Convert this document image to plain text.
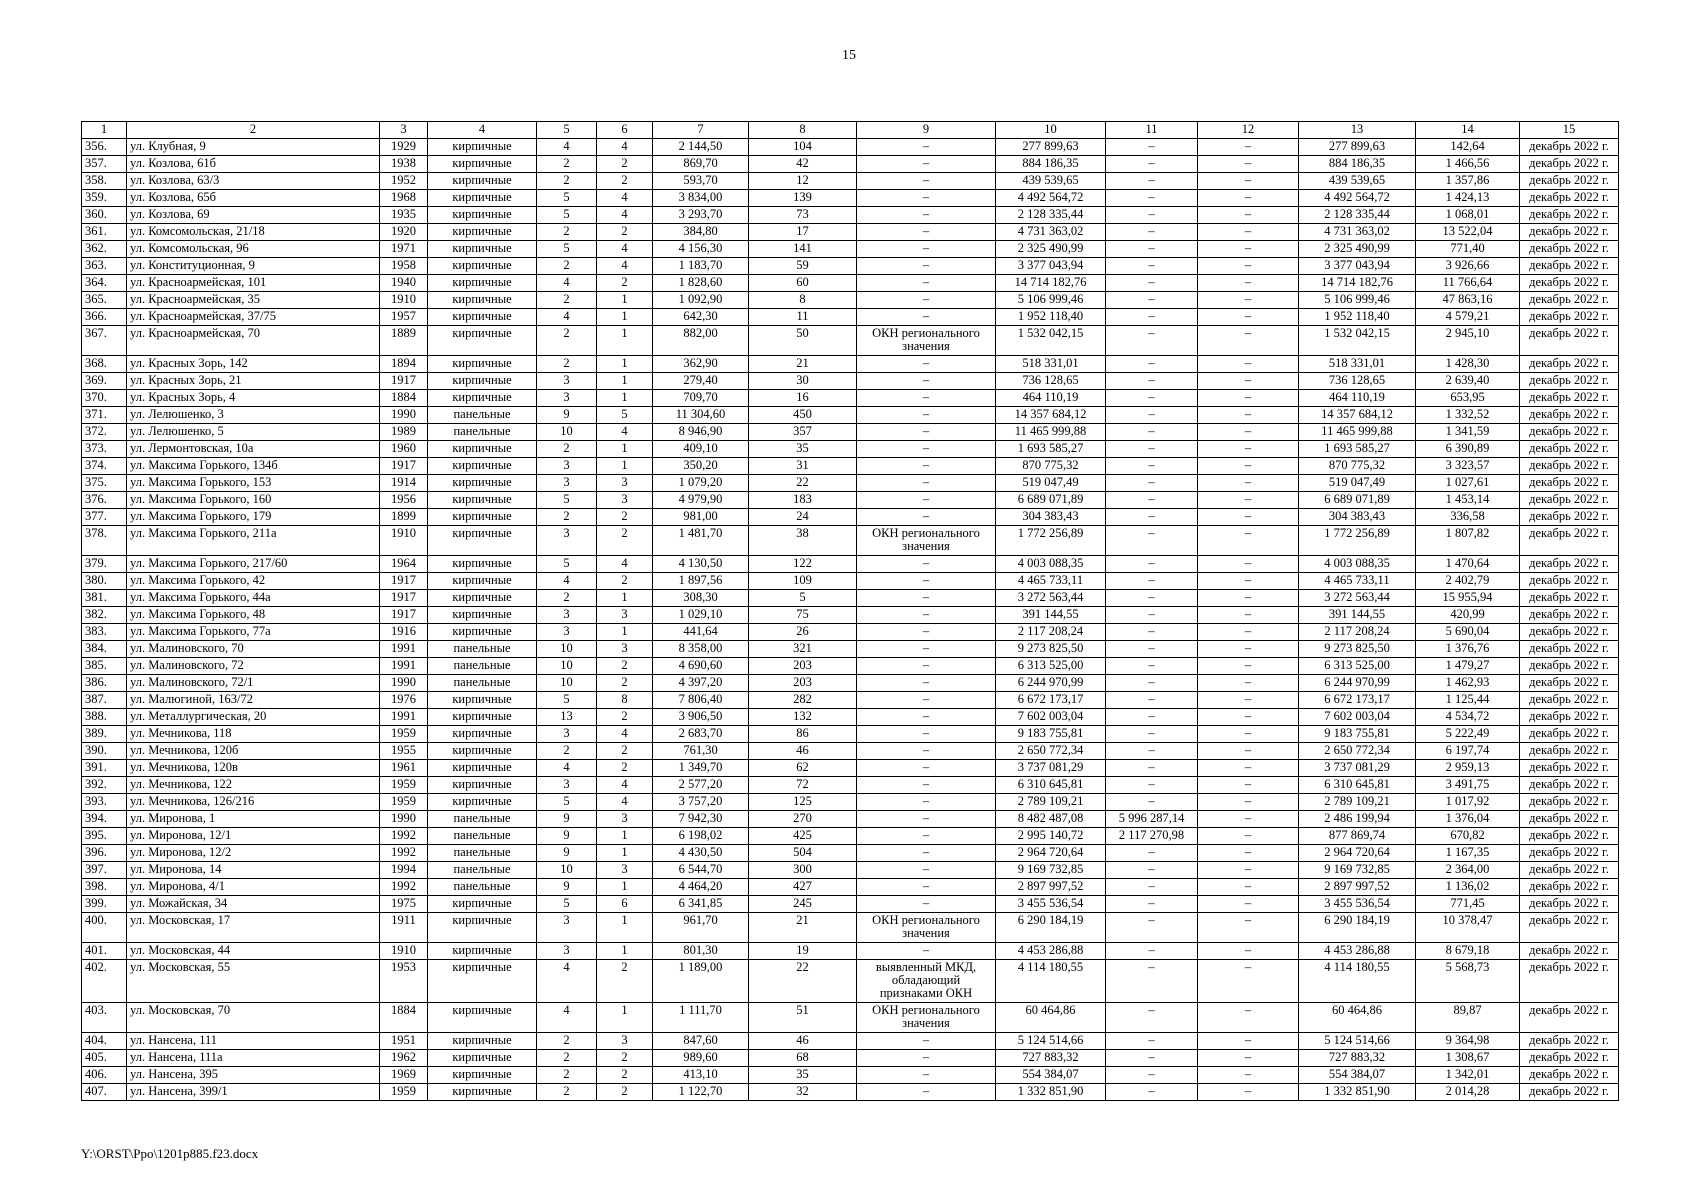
15
1	2	3	4	5	6	7	8	9	10	11	12	13	14	15
356.	ул. Клубная, 9	1929	кирпичные	4	4	2 144,50	104	–	277 899,63	–	–	277 899,63	142,64	декабрь 2022 г.
357.	ул. Козлова, 61б	1938	кирпичные	2	2	869,70	42	–	884 186,35	–	–	884 186,35	1 466,56	декабрь 2022 г.
358.	ул. Козлова, 63/3	1952	кирпичные	2	2	593,70	12	–	439 539,65	–	–	439 539,65	1 357,86	декабрь 2022 г.
359.	ул. Козлова, 65б	1968	кирпичные	5	4	3 834,00	139	–	4 492 564,72	–	–	4 492 564,72	1 424,13	декабрь 2022 г.
360.	ул. Козлова, 69	1935	кирпичные	5	4	3 293,70	73	–	2 128 335,44	–	–	2 128 335,44	1 068,01	декабрь 2022 г.
361.	ул. Комсомольская, 21/18	1920	кирпичные	2	2	384,80	17	–	4 731 363,02	–	–	4 731 363,02	13 522,04	декабрь 2022 г.
362.	ул. Комсомольская, 96	1971	кирпичные	5	4	4 156,30	141	–	2 325 490,99	–	–	2 325 490,99	771,40	декабрь 2022 г.
363.	ул. Конституционная, 9	1958	кирпичные	2	4	1 183,70	59	–	3 377 043,94	–	–	3 377 043,94	3 926,66	декабрь 2022 г.
364.	ул. Красноармейская, 101	1940	кирпичные	4	2	1 828,60	60	–	14 714 182,76	–	–	14 714 182,76	11 766,64	декабрь 2022 г.
365.	ул. Красноармейская, 35	1910	кирпичные	2	1	1 092,90	8	–	5 106 999,46	–	–	5 106 999,46	47 863,16	декабрь 2022 г.
366.	ул. Красноармейская, 37/75	1957	кирпичные	4	1	642,30	11	–	1 952 118,40	–	–	1 952 118,40	4 579,21	декабрь 2022 г.
367.	ул. Красноармейская, 70	1889	кирпичные	2	1	882,00	50	ОКН регионального значения	1 532 042,15	–	–	1 532 042,15	2 945,10	декабрь 2022 г.
368.	ул. Красных Зорь, 142	1894	кирпичные	2	1	362,90	21	–	518 331,01	–	–	518 331,01	1 428,30	декабрь 2022 г.
369.	ул. Красных Зорь, 21	1917	кирпичные	3	1	279,40	30	–	736 128,65	–	–	736 128,65	2 639,40	декабрь 2022 г.
370.	ул. Красных Зорь, 4	1884	кирпичные	3	1	709,70	16	–	464 110,19	–	–	464 110,19	653,95	декабрь 2022 г.
371.	ул. Лелюшенко, 3	1990	панельные	9	5	11 304,60	450	–	14 357 684,12	–	–	14 357 684,12	1 332,52	декабрь 2022 г.
372.	ул. Лелюшенко, 5	1989	панельные	10	4	8 946,90	357	–	11 465 999,88	–	–	11 465 999,88	1 341,59	декабрь 2022 г.
373.	ул. Лермонтовская, 10а	1960	кирпичные	2	1	409,10	35	–	1 693 585,27	–	–	1 693 585,27	6 390,89	декабрь 2022 г.
374.	ул. Максима Горького, 134б	1917	кирпичные	3	1	350,20	31	–	870 775,32	–	–	870 775,32	3 323,57	декабрь 2022 г.
375.	ул. Максима Горького, 153	1914	кирпичные	3	3	1 079,20	22	–	519 047,49	–	–	519 047,49	1 027,61	декабрь 2022 г.
376.	ул. Максима Горького, 160	1956	кирпичные	5	3	4 979,90	183	–	6 689 071,89	–	–	6 689 071,89	1 453,14	декабрь 2022 г.
377.	ул. Максима Горького, 179	1899	кирпичные	2	2	981,00	24	–	304 383,43	–	–	304 383,43	336,58	декабрь 2022 г.
378.	ул. Максима Горького, 211а	1910	кирпичные	3	2	1 481,70	38	ОКН регионального значения	1 772 256,89	–	–	1 772 256,89	1 807,82	декабрь 2022 г.
379.	ул. Максима Горького, 217/60	1964	кирпичные	5	4	4 130,50	122	–	4 003 088,35	–	–	4 003 088,35	1 470,64	декабрь 2022 г.
380.	ул. Максима Горького, 42	1917	кирпичные	4	2	1 897,56	109	–	4 465 733,11	–	–	4 465 733,11	2 402,79	декабрь 2022 г.
381.	ул. Максима Горького, 44а	1917	кирпичные	2	1	308,30	5	–	3 272 563,44	–	–	3 272 563,44	15 955,94	декабрь 2022 г.
382.	ул. Максима Горького, 48	1917	кирпичные	3	3	1 029,10	75	–	391 144,55	–	–	391 144,55	420,99	декабрь 2022 г.
383.	ул. Максима Горького, 77а	1916	кирпичные	3	1	441,64	26	–	2 117 208,24	–	–	2 117 208,24	5 690,04	декабрь 2022 г.
384.	ул. Малиновского, 70	1991	панельные	10	3	8 358,00	321	–	9 273 825,50	–	–	9 273 825,50	1 376,76	декабрь 2022 г.
385.	ул. Малиновского, 72	1991	панельные	10	2	4 690,60	203	–	6 313 525,00	–	–	6 313 525,00	1 479,27	декабрь 2022 г.
386.	ул. Малиновского, 72/1	1990	панельные	10	2	4 397,20	203	–	6 244 970,99	–	–	6 244 970,99	1 462,93	декабрь 2022 г.
387.	ул. Малюгиной, 163/72	1976	кирпичные	5	8	7 806,40	282	–	6 672 173,17	–	–	6 672 173,17	1 125,44	декабрь 2022 г.
388.	ул. Металлургическая, 20	1991	кирпичные	13	2	3 906,50	132	–	7 602 003,04	–	–	7 602 003,04	4 534,72	декабрь 2022 г.
389.	ул. Мечникова, 118	1959	кирпичные	3	4	2 683,70	86	–	9 183 755,81	–	–	9 183 755,81	5 222,49	декабрь 2022 г.
390.	ул. Мечникова, 120б	1955	кирпичные	2	2	761,30	46	–	2 650 772,34	–	–	2 650 772,34	6 197,74	декабрь 2022 г.
391.	ул. Мечникова, 120в	1961	кирпичные	4	2	1 349,70	62	–	3 737 081,29	–	–	3 737 081,29	2 959,13	декабрь 2022 г.
392.	ул. Мечникова, 122	1959	кирпичные	3	4	2 577,20	72	–	6 310 645,81	–	–	6 310 645,81	3 491,75	декабрь 2022 г.
393.	ул. Мечникова, 126/216	1959	кирпичные	5	4	3 757,20	125	–	2 789 109,21	–	–	2 789 109,21	1 017,92	декабрь 2022 г.
394.	ул. Миронова, 1	1990	панельные	9	3	7 942,30	270	–	8 482 487,08	5 996 287,14	–	2 486 199,94	1 376,04	декабрь 2022 г.
395.	ул. Миронова, 12/1	1992	панельные	9	1	6 198,02	425	–	2 995 140,72	2 117 270,98	–	877 869,74	670,82	декабрь 2022 г.
396.	ул. Миронова, 12/2	1992	панельные	9	1	4 430,50	504	–	2 964 720,64	–	–	2 964 720,64	1 167,35	декабрь 2022 г.
397.	ул. Миронова, 14	1994	панельные	10	3	6 544,70	300	–	9 169 732,85	–	–	9 169 732,85	2 364,00	декабрь 2022 г.
398.	ул. Миронова, 4/1	1992	панельные	9	1	4 464,20	427	–	2 897 997,52	–	–	2 897 997,52	1 136,02	декабрь 2022 г.
399.	ул. Можайская, 34	1975	кирпичные	5	6	6 341,85	245	–	3 455 536,54	–	–	3 455 536,54	771,45	декабрь 2022 г.
400.	ул. Московская, 17	1911	кирпичные	3	1	961,70	21	ОКН регионального значения	6 290 184,19	–	–	6 290 184,19	10 378,47	декабрь 2022 г.
401.	ул. Московская, 44	1910	кирпичные	3	1	801,30	19	–	4 453 286,88	–	–	4 453 286,88	8 679,18	декабрь 2022 г.
402.	ул. Московская, 55	1953	кирпичные	4	2	1 189,00	22	выявленный МКД, обладающий признаками ОКН	4 114 180,55	–	–	4 114 180,55	5 568,73	декабрь 2022 г.
403.	ул. Московская, 70	1884	кирпичные	4	1	1 111,70	51	ОКН регионального значения	60 464,86	–	–	60 464,86	89,87	декабрь 2022 г.
404.	ул. Нансена, 111	1951	кирпичные	2	3	847,60	46	–	5 124 514,66	–	–	5 124 514,66	9 364,98	декабрь 2022 г.
405.	ул. Нансена, 111а	1962	кирпичные	2	2	989,60	68	–	727 883,32	–	–	727 883,32	1 308,67	декабрь 2022 г.
406.	ул. Нансена, 395	1969	кирпичные	2	2	413,10	35	–	554 384,07	–	–	554 384,07	1 342,01	декабрь 2022 г.
407.	ул. Нансена, 399/1	1959	кирпичные	2	2	1 122,70	32	–	1 332 851,90	–	–	1 332 851,90	2 014,28	декабрь 2022 г.
Y:\ORST\Ppo\1201p885.f23.docx
